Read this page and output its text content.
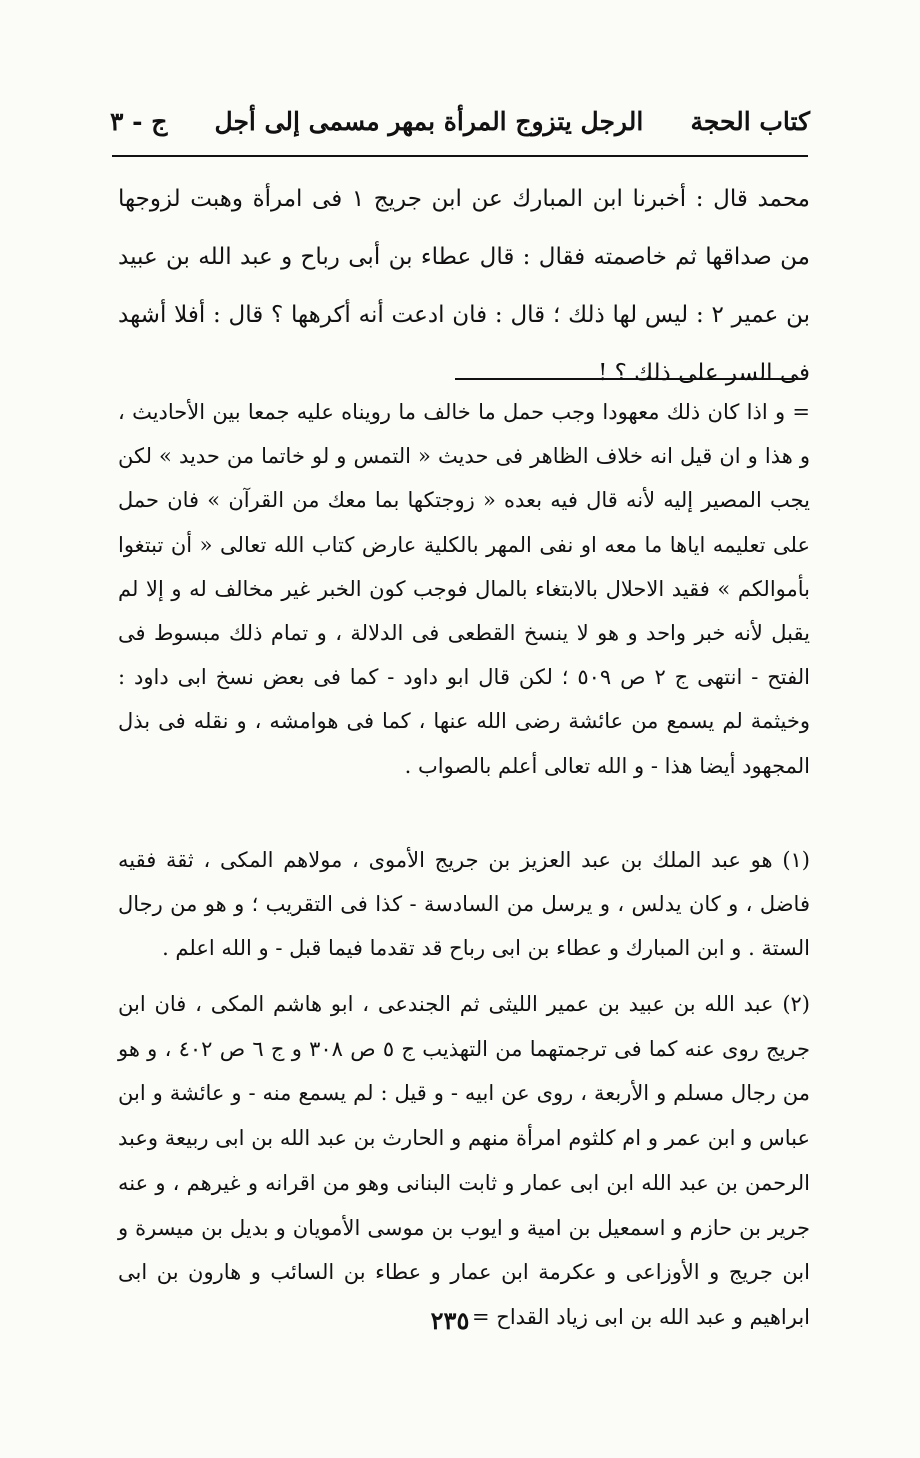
كتاب الحجة
الرجل يتزوج المرأة بمهر مسمى إلى أجل
ج - ٣

محمد قال : أخبرنا ابن المبارك عن ابن جريج ١ فى امرأة وهبت لزوجها من صداقها ثم خاصمته فقال : قال عطاء بن أبى رباح و عبد الله بن عبيد بن عمير ٢ : ليس لها ذلك ؛ قال : فان ادعت أنه أكرهها ؟ قال : أفلا أشهد فى السر على ذلك ؟ !

= و اذا كان ذلك معهودا وجب حمل ما خالف ما رويناه عليه جمعا بين الأحاديث ، و هذا و ان قيل انه خلاف الظاهر فى حديث « التمس و لو خاتما من حديد » لكن يجب المصير إليه لأنه قال فيه بعده « زوجتكها بما معك من القرآن » فان حمل على تعليمه اياها ما معه او نفى المهر بالكلية عارض كتاب الله تعالى « أن تبتغوا بأموالكم » فقيد الاحلال بالابتغاء بالمال فوجب كون الخبر غير مخالف له و إلا لم يقبل لأنه خبر واحد و هو لا ينسخ القطعى فى الدلالة ، و تمام ذلك مبسوط فى الفتح - انتهى ج ٢ ص ٥٠٩ ؛ لكن قال ابو داود - كما فى بعض نسخ ابى داود : وخيثمة لم يسمع من عائشة رضى الله عنها ، كما فى هوامشه ، و نقله فى بذل المجهود أيضا هذا - و الله تعالى أعلم بالصواب .

(١) هو عبد الملك بن عبد العزيز بن جريج الأموى ، مولاهم المكى ، ثقة فقيه فاضل ، و كان يدلس ، و يرسل من السادسة - كذا فى التقريب ؛ و هو من رجال الستة . و ابن المبارك و عطاء بن ابى رباح قد تقدما فيما قبل - و الله اعلم .

(٢) عبد الله بن عبيد بن عمير الليثى ثم الجندعى ، ابو هاشم المكى ، فان ابن جريج روى عنه كما فى ترجمتهما من التهذيب ج ٥ ص ٣٠٨ و ج ٦ ص ٤٠٢ ، و هو من رجال مسلم و الأربعة ، روى عن ابيه - و قيل : لم يسمع منه - و عائشة و ابن عباس و ابن عمر و ام كلثوم امرأة منهم و الحارث بن عبد الله بن ابى ربيعة وعبد الرحمن بن عبد الله ابن ابى عمار و ثابت البنانى وهو من اقرانه و غيرهم ، و عنه جرير بن حازم و اسمعيل بن امية و ايوب بن موسى الأمويان و بديل بن ميسرة و ابن جريج و الأوزاعى و عكرمة ابن عمار و عطاء بن السائب و هارون بن ابى ابراهيم و عبد الله بن ابى زياد القداح =

٢٣٥
